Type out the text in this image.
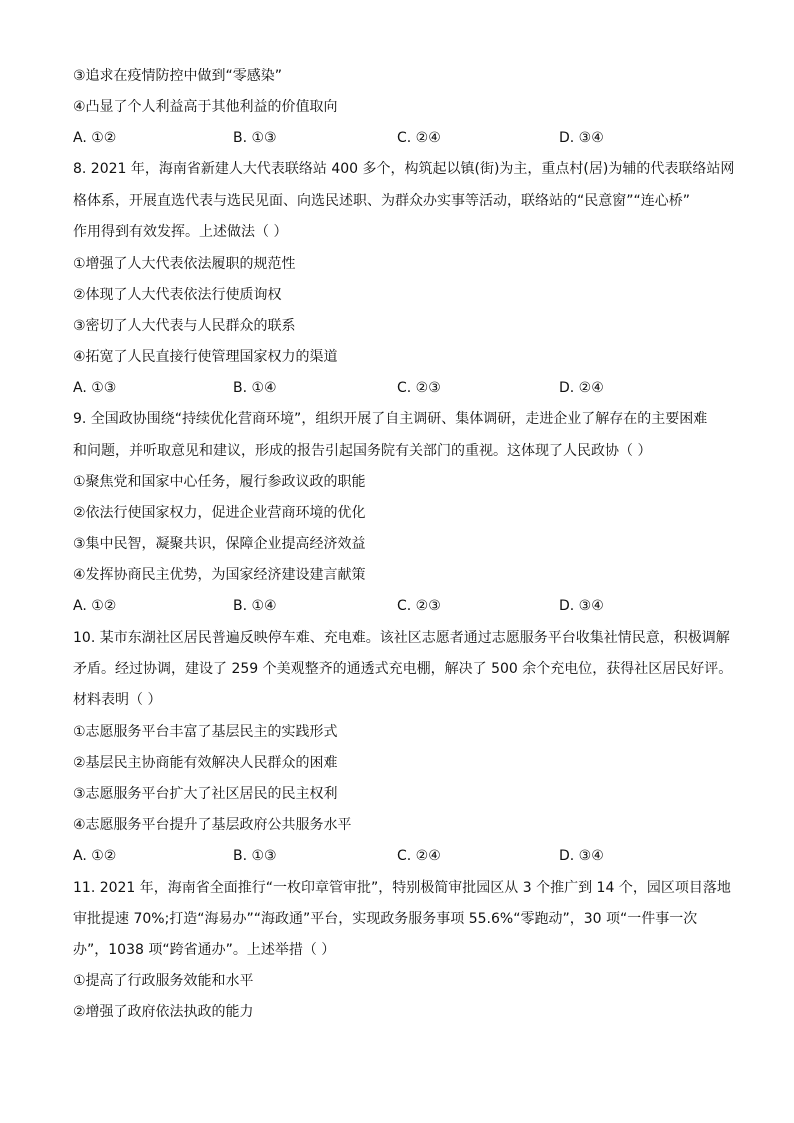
③追求在疫情防控中做到“零感染”
④凸显了个人利益高于其他利益的价值取向
A. ①②	B. ①③	C. ②④	D. ③④
8. 2021 年，海南省新建人大代表联络站 400 多个，构筑起以镇(街)为主，重点村(居)为辅的代表联络站网
格体系，开展直选代表与选民见面、向选民述职、为群众办实事等活动，联络站的“民意窗”“连心桥”
作用得到有效发挥。上述做法（ ）
①增强了人大代表依法履职的规范性
②体现了人大代表依法行使质询权
③密切了人大代表与人民群众的联系
④拓宽了人民直接行使管理国家权力的渠道
A. ①③	B. ①④	C. ②③	D. ②④
9. 全国政协围绕“持续优化营商环境”，组织开展了自主调研、集体调研，走进企业了解存在的主要困难
和问题，并听取意见和建议，形成的报告引起国务院有关部门的重视。这体现了人民政协（ ）
①聚焦党和国家中心任务，履行参政议政的职能
②依法行使国家权力，促进企业营商环境的优化
③集中民智，凝聚共识，保障企业提高经济效益
④发挥协商民主优势，为国家经济建设建言献策
A. ①②	B. ①④	C. ②③	D. ③④
10. 某市东湖社区居民普遍反映停车难、充电难。该社区志愿者通过志愿服务平台收集社情民意，积极调解
矛盾。经过协调，建设了 259 个美观整齐的通透式充电棚，解决了 500 余个充电位，获得社区居民好评。
材料表明（ ）
①志愿服务平台丰富了基层民主的实践形式
②基层民主协商能有效解决人民群众的困难
③志愿服务平台扩大了社区居民的民主权利
④志愿服务平台提升了基层政府公共服务水平
A. ①②	B. ①③	C. ②④	D. ③④
11. 2021 年，海南省全面推行“一枚印章管审批”，特别极简审批园区从 3 个推广到 14 个，园区项目落地
审批提速 70%;打造“海易办”“海政通”平台，实现政务服务事项 55.6%“零跑动”，30 项“一件事一次
办”，1038 项“跨省通办”。上述举措（ ）
①提高了行政服务效能和水平
②增强了政府依法执政的能力
